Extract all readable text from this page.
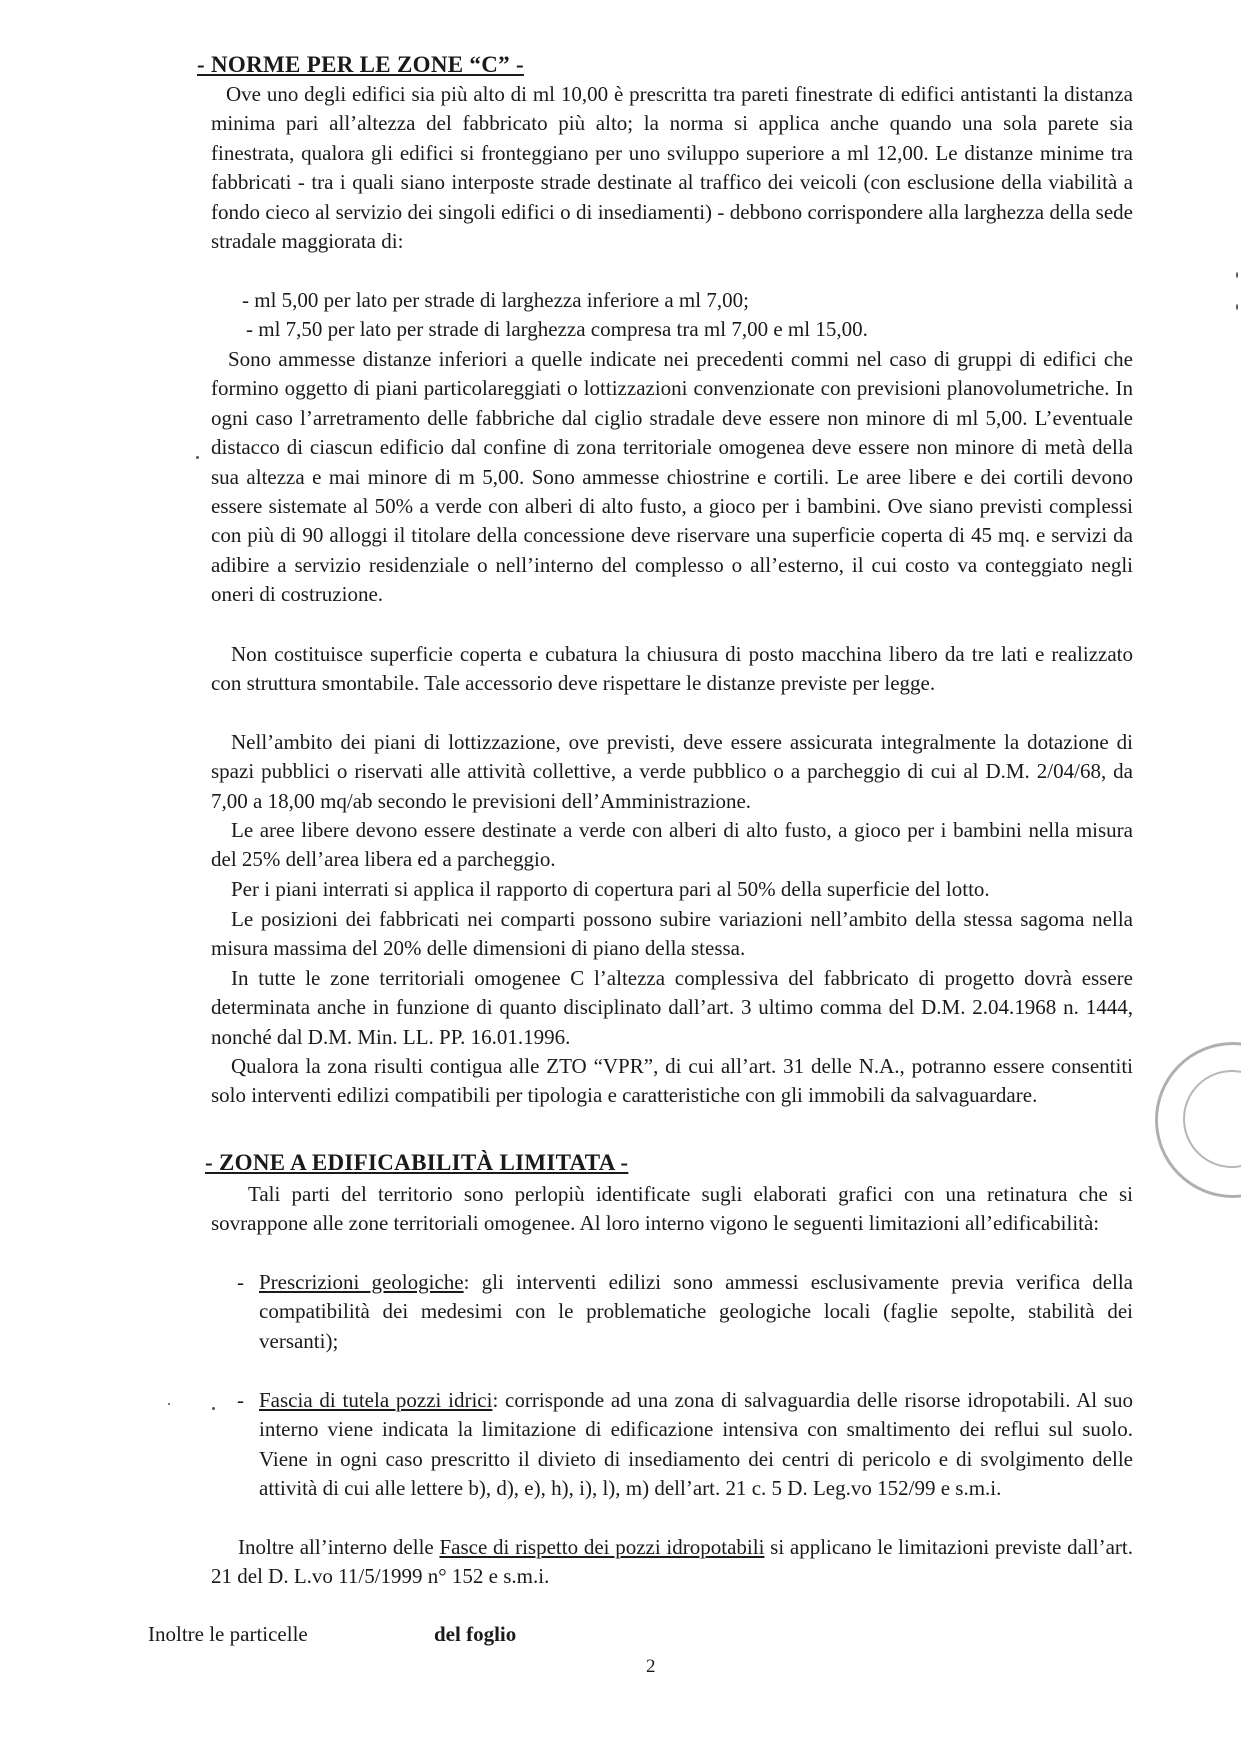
- NORME PER LE ZONE “C” -
Ove uno degli edifici sia più alto di ml 10,00 è prescritta tra pareti finestrate di edifici antistanti la distanza minima pari all’altezza del fabbricato più alto; la norma si applica anche quando una sola parete sia finestrata, qualora gli edifici si fronteggiano per uno sviluppo superiore a ml 12,00. Le distanze minime tra fabbricati - tra i quali siano interposte strade destinate al traffico dei veicoli (con esclusione della viabilità a fondo cieco al servizio dei singoli edifici o di insediamenti) - debbono corrispondere alla larghezza della sede stradale maggiorata di:
- ml 5,00 per lato per strade di larghezza inferiore a ml 7,00;
- ml 7,50 per lato per strade di larghezza compresa tra ml 7,00 e ml 15,00.
Sono ammesse distanze inferiori a quelle indicate nei precedenti commi nel caso di gruppi di edifici che formino oggetto di piani particolareggiati o lottizzazioni convenzionate con previsioni planovolumetriche. In ogni caso l’arretramento delle fabbriche dal ciglio stradale deve essere non minore di ml 5,00. L’eventuale distacco di ciascun edificio dal confine di zona territoriale omogenea deve essere non minore di metà della sua altezza e mai minore di m 5,00. Sono ammesse chiostrine e cortili. Le aree libere e dei cortili devono essere sistemate al 50% a verde con alberi di alto fusto, a gioco per i bambini. Ove siano previsti complessi con più di 90 alloggi il titolare della concessione deve riservare una superficie coperta di 45 mq. e servizi da adibire a servizio residenziale o nell’interno del complesso o all’esterno, il cui costo va conteggiato negli oneri di costruzione.
Non costituisce superficie coperta e cubatura la chiusura di posto macchina libero da tre lati e realizzato con struttura smontabile. Tale accessorio deve rispettare le distanze previste per legge.
Nell’ambito dei piani di lottizzazione, ove previsti, deve essere assicurata integralmente la dotazione di spazi pubblici o riservati alle attività collettive, a verde pubblico o a parcheggio di cui al D.M. 2/04/68, da 7,00 a 18,00 mq/ab secondo le previsioni dell’Amministrazione.
Le aree libere devono essere destinate a verde con alberi di alto fusto, a gioco per i bambini nella misura del 25% dell’area libera ed a parcheggio.
Per i piani interrati si applica il rapporto di copertura pari al 50% della superficie del lotto.
Le posizioni dei fabbricati nei comparti possono subire variazioni nell’ambito della stessa sagoma nella misura massima del 20% delle dimensioni di piano della stessa.
In tutte le zone territoriali omogenee C l’altezza complessiva del fabbricato di progetto dovrà essere determinata anche in funzione di quanto disciplinato dall’art. 3 ultimo comma del D.M. 2.04.1968 n. 1444, nonché dal D.M. Min. LL. PP. 16.01.1996.
Qualora la zona risulti contigua alle ZTO “VPR”, di cui all’art. 31 delle N.A., potranno essere consentiti solo interventi edilizi compatibili per tipologia e caratteristiche con gli immobili da salvaguardare.
- ZONE A EDIFICABILITÀ LIMITATA -
Tali parti del territorio sono perlopiù identificate sugli elaborati grafici con una retinatura che si sovrappone alle zone territoriali omogenee. Al loro interno vigono le seguenti limitazioni all’edificabilità:
- Prescrizioni geologiche: gli interventi edilizi sono ammessi esclusivamente previa verifica della compatibilità dei medesimi con le problematiche geologiche locali (faglie sepolte, stabilità dei versanti);
- Fascia di tutela pozzi idrici: corrisponde ad una zona di salvaguardia delle risorse idropotabili. Al suo interno viene indicata la limitazione di edificazione intensiva con smaltimento dei reflui sul suolo. Viene in ogni caso prescritto il divieto di insediamento dei centri di pericolo e di svolgimento delle attività di cui alle lettere b), d), e), h), i), l), m) dell’art. 21 c. 5 D. Leg.vo 152/99 e s.m.i.
Inoltre all’interno delle Fasce di rispetto dei pozzi idropotabili si applicano le limitazioni previste dall’art. 21 del D. L.vo 11/5/1999 n° 152 e s.m.i.
Inoltre le particelle	del foglio
2
